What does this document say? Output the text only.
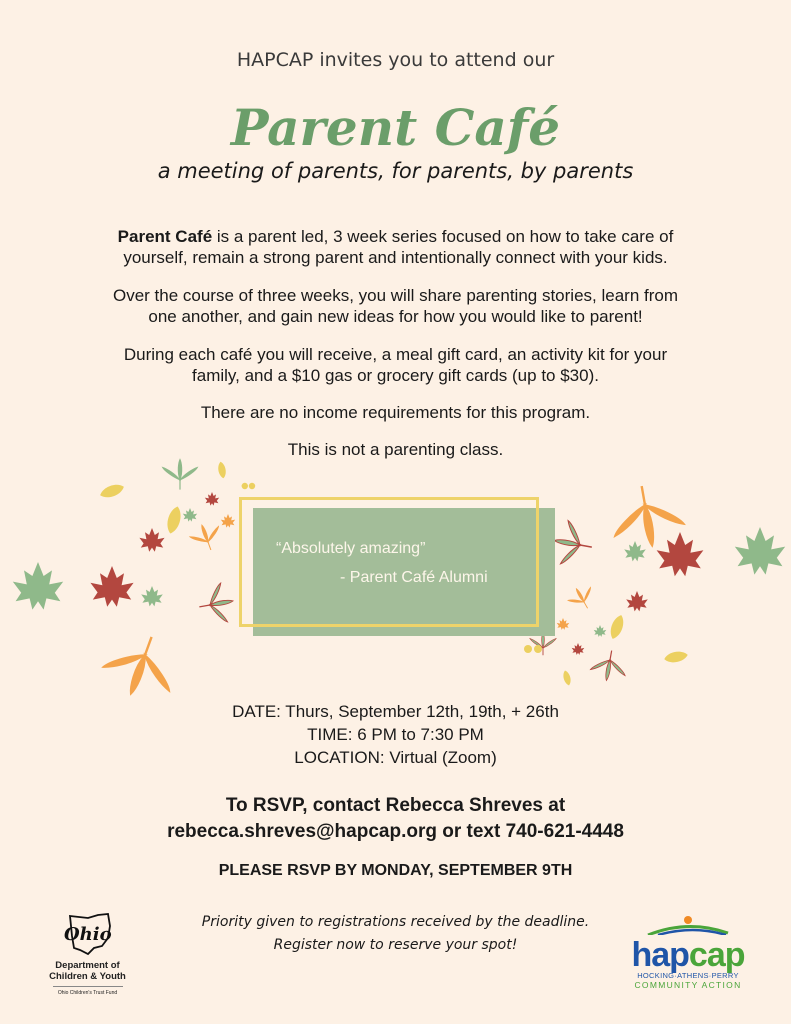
HAPCAP invites you to attend our
Parent Café
a meeting of parents, for parents, by parents
Parent Café is a parent led, 3 week series focused on how to take care of
yourself, remain a strong parent and intentionally connect with your kids.
Over the course of three weeks, you will share parenting stories, learn from
one another, and gain new ideas for how you would like to parent!
During each café you will receive, a meal gift card, an activity kit for your
family, and a $10 gas or grocery gift cards (up to $30).
There are no income requirements for this program.
This is not a parenting class.
“Absolutely amazing”
- Parent Café Alumni
DATE: Thurs, September 12th, 19th, + 26th
TIME: 6 PM to 7:30 PM
LOCATION: Virtual (Zoom)
To RSVP, contact Rebecca Shreves at
rebecca.shreves@hapcap.org or text 740-621-4448
PLEASE RSVP BY MONDAY, SEPTEMBER 9TH
Priority given to registrations received by the deadline.
Register now to reserve your spot!
Ohio
Department of
Children & Youth
Ohio Children's Trust Fund
hapcap
HOCKING·ATHENS·PERRY
COMMUNITY ACTION
